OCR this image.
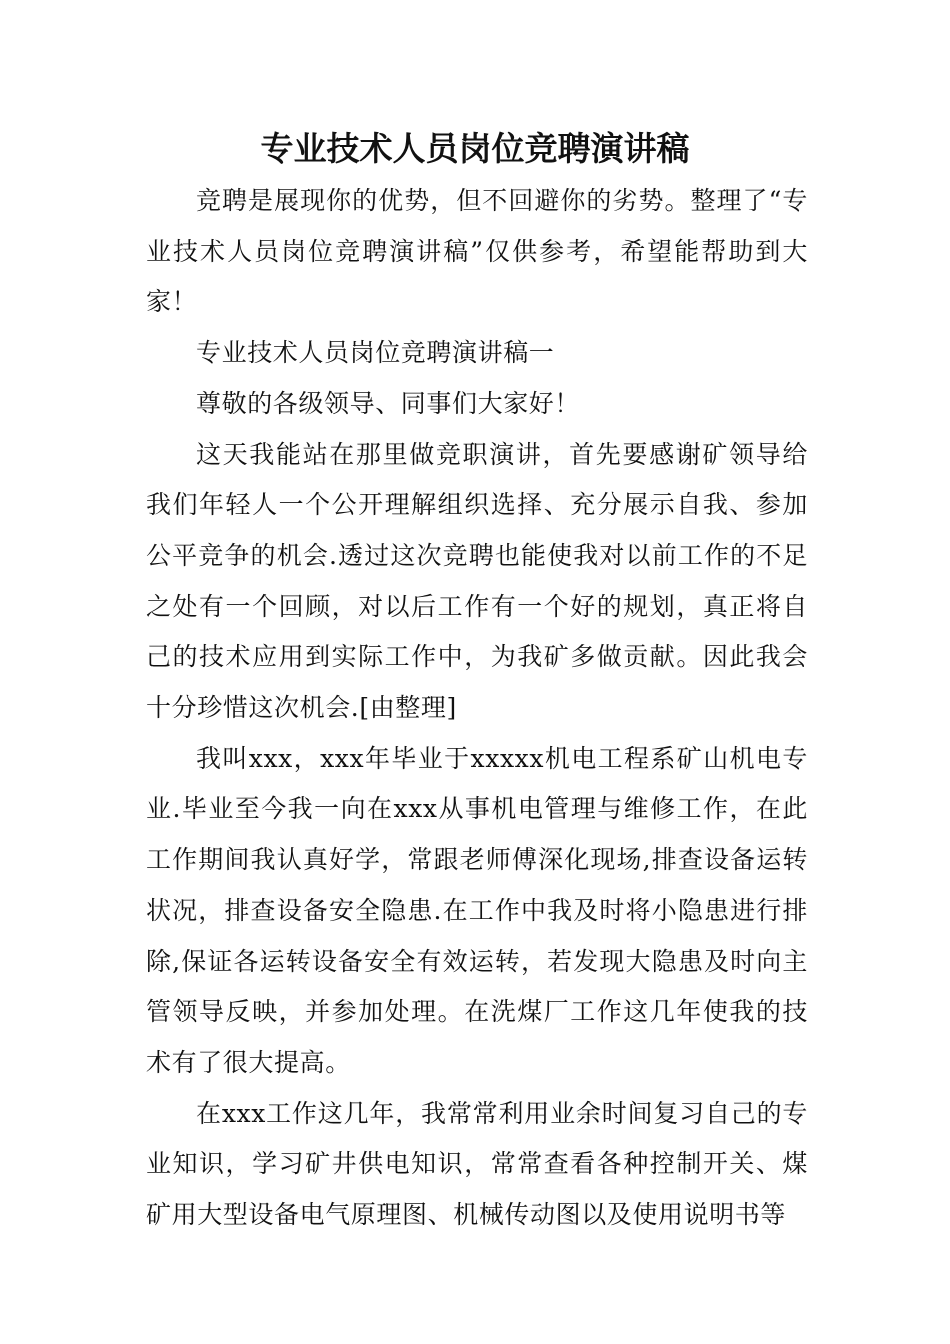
专业技术人员岗位竞聘演讲稿

竞聘是展现你的优势，但不回避你的劣势。整理了“专业技术人员岗位竞聘演讲稿”仅供参考，希望能帮助到大家！

专业技术人员岗位竞聘演讲稿一

尊敬的各级领导、同事们大家好！

这天我能站在那里做竞职演讲，首先要感谢矿领导给我们年轻人一个公开理解组织选择、充分展示自我、参加公平竞争的机会.透过这次竞聘也能使我对以前工作的不足之处有一个回顾，对以后工作有一个好的规划，真正将自己的技术应用到实际工作中，为我矿多做贡献。因此我会十分珍惜这次机会.[由整理]

我叫xxx，xxx年毕业于xxxxx机电工程系矿山机电专业.毕业至今我一向在xxx从事机电管理与维修工作，在此工作期间我认真好学，常跟老师傅深化现场,排查设备运转状况，排查设备安全隐患.在工作中我及时将小隐患进行排除,保证各运转设备安全有效运转，若发现大隐患及时向主管领导反映，并参加处理。在洗煤厂工作这几年使我的技术有了很大提高。

在xxx工作这几年，我常常利用业余时间复习自己的专业知识，学习矿井供电知识，常常查看各种控制开关、煤矿用大型设备电气原理图、机械传动图以及使用说明书等
